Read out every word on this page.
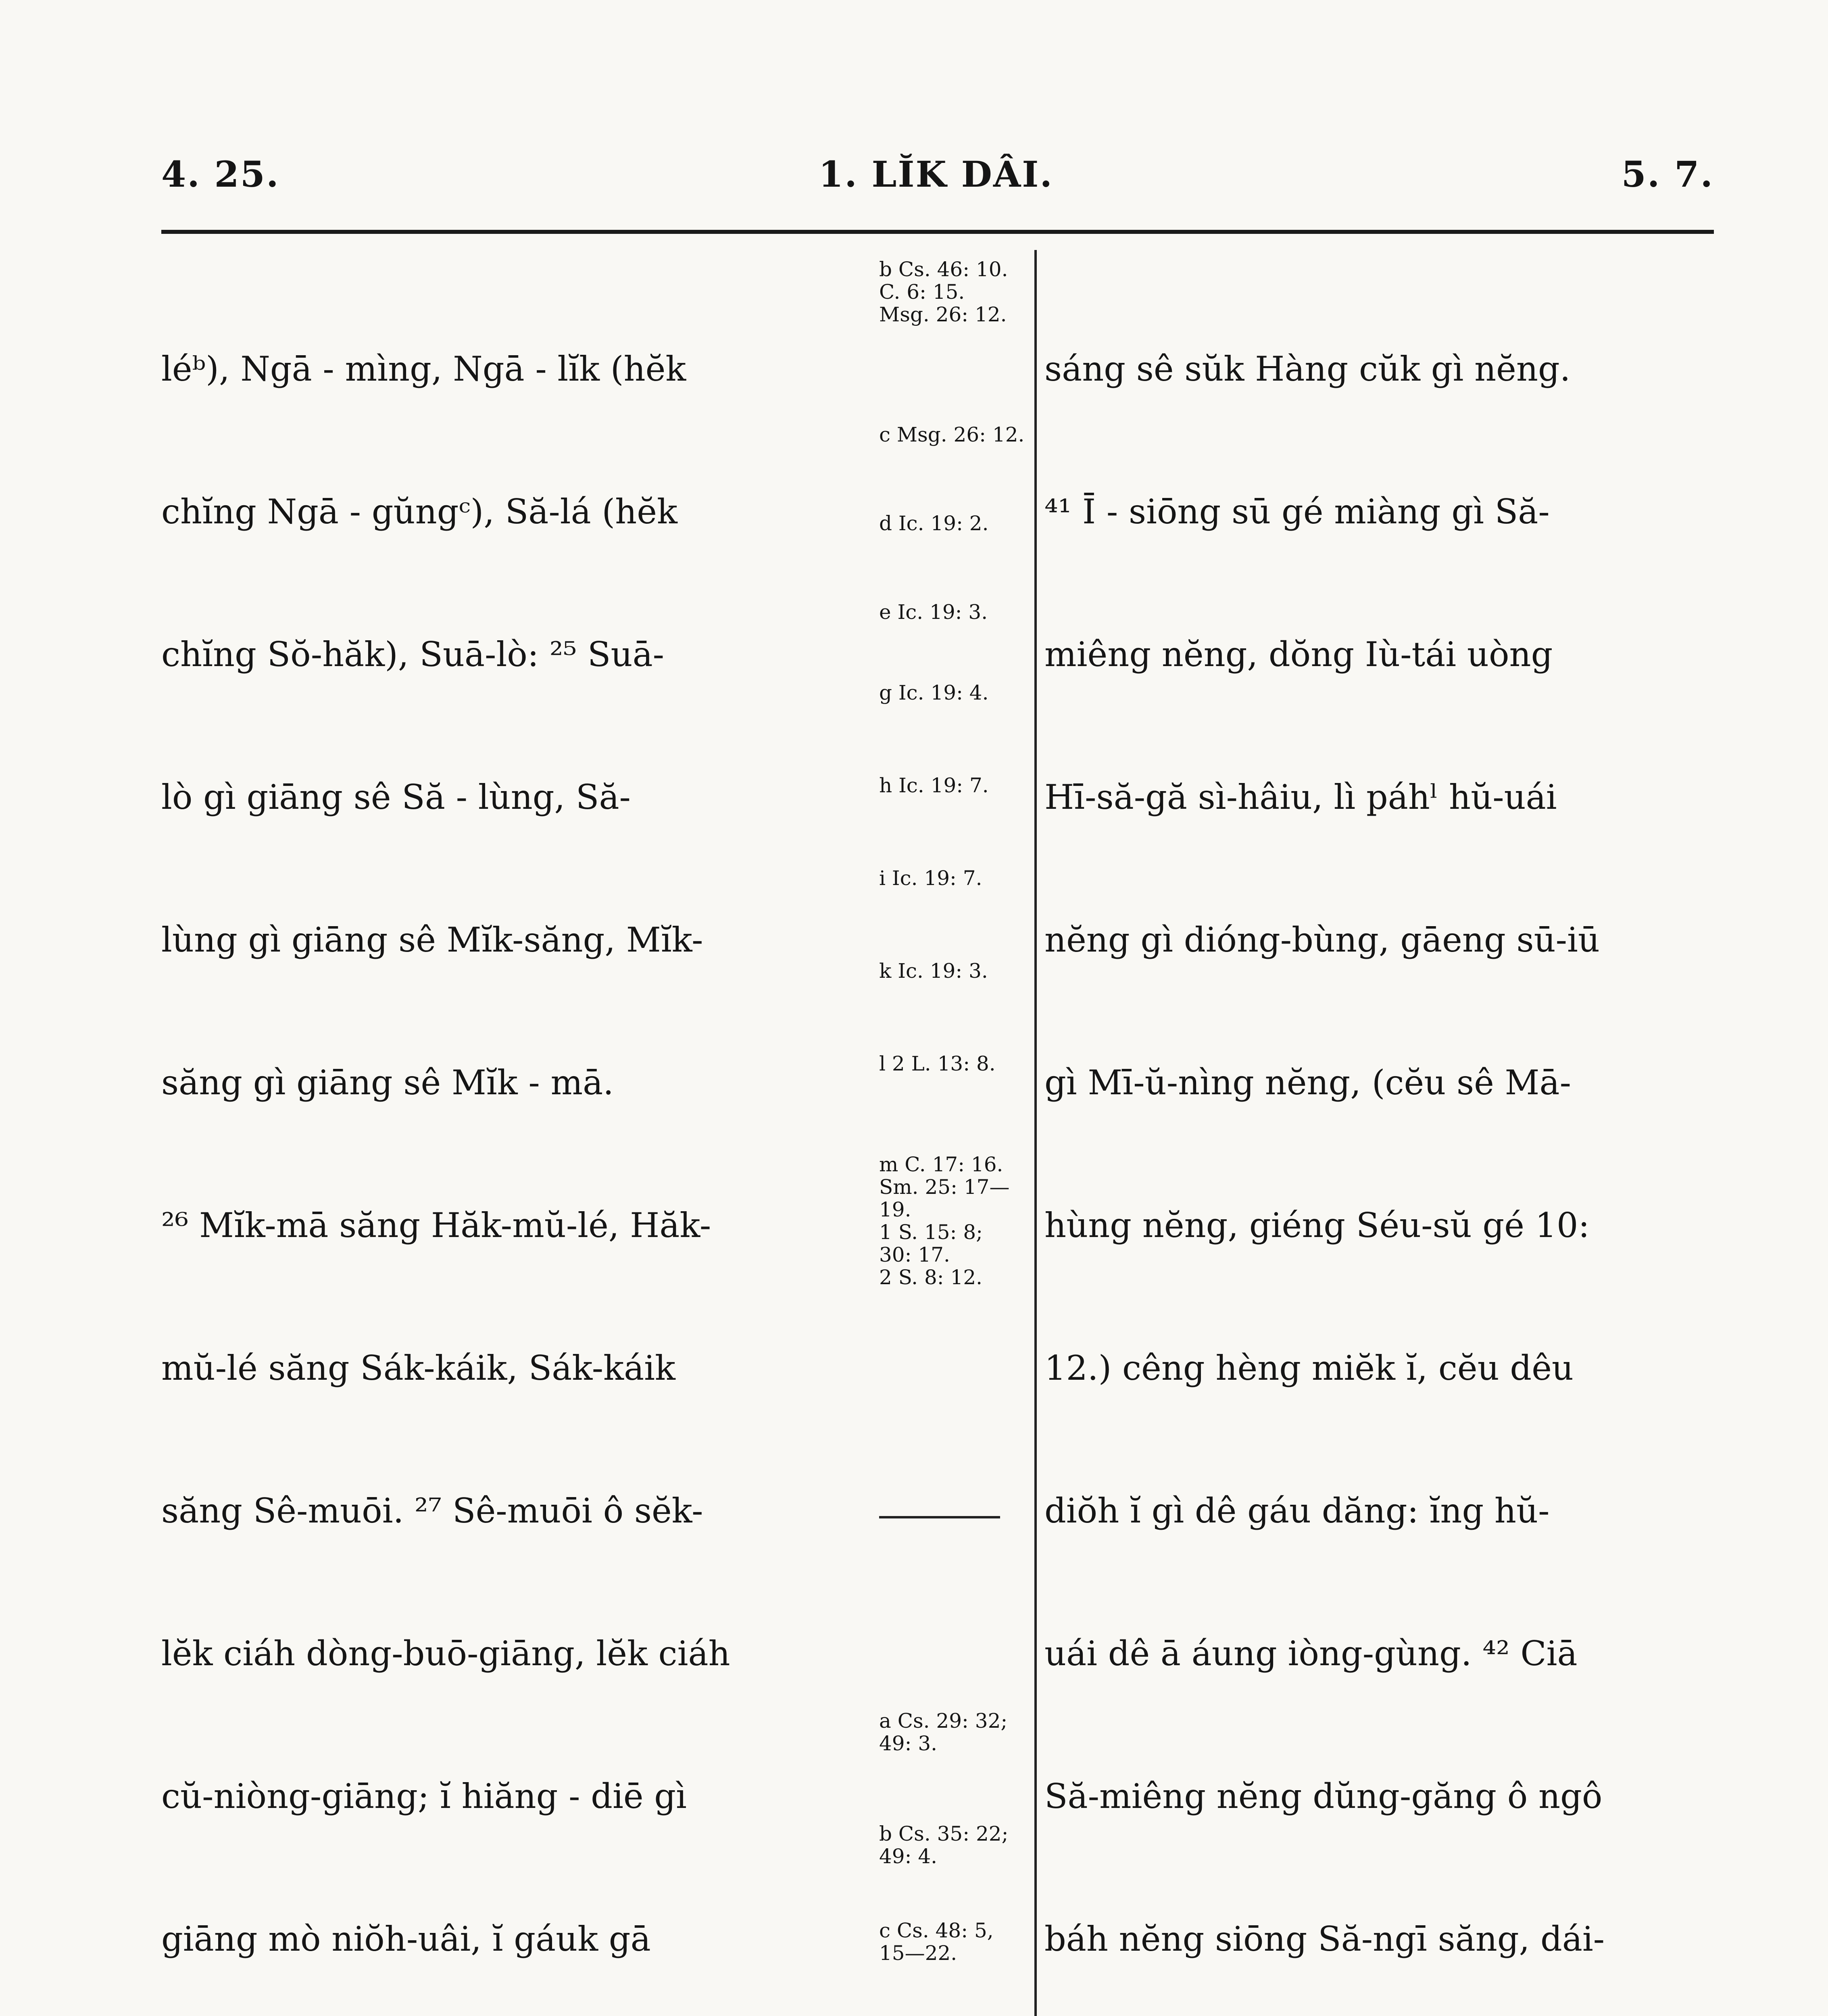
4. 25.	1. LĬK DÂI.	5. 7.

léᵇ), Ngā - mìng, Ngā - lĭk (hĕk

chĭng Ngā - gŭngᶜ), Să-lá (hĕk

chĭng Sŏ-hăk), Suā-lò: ²⁵ Suā-

lò gì giāng sê Să - lùng, Să-

lùng gì giāng sê Mĭk-săng, Mĭk-

săng gì giāng sê Mĭk - mā.

²⁶ Mĭk-mā săng Hăk-mŭ-lé, Hăk-

mŭ-lé săng Sák-káik, Sák-káik

săng Sê-muōi. ²⁷ Sê-muōi ô sĕk-

lĕk ciáh dòng-buō-giāng, lĕk ciáh

cŭ-niòng-giāng; ĭ hiăng - diē gì

giāng mò niŏh-uâi, ĭ gáuk gā

b Cs. 46: 10.
C. 6: 15.
Msg. 26: 12.
c Msg. 26: 12.
d Ic. 19: 2.
e Ic. 19: 3.
g Ic. 19: 4.
h Ic. 19: 7.
i Ic. 19: 7.
k Ic. 19: 3.
l 2 L. 13: 8.
m C. 17: 16.
Sm. 25: 17—
19.
1 S. 15: 8;
30: 17.
2 S. 8: 12.
a Cs. 29: 32;
49: 3.
b Cs. 35: 22;
49: 4.
c Cs. 48: 5,
15—22.

sáng sê sŭk Hàng cŭk gì nĕng.

⁴¹ Ī - siōng sū gé miàng gì Să-

miêng nĕng, dŏng Iù-tái uòng

Hī-să-gă sì-hâiu, lì páhˡ hŭ-uái

nĕng gì dióng-bùng, gāeng sū-iū

gì Mī-ŭ-nìng nĕng, (cĕu sê Mā-

hùng nĕng, giéng Séu-sŭ gé 10:

12.) cêng hèng miĕk ĭ, cĕu dêu

diŏh ĭ gì dê gáu dăng: ĭng hŭ-

uái dê ā áung iòng-gùng. ⁴² Ciā

Să-miêng nĕng dŭng-găng ô ngô

báh nĕng siōng Să-ngī săng, dái-
